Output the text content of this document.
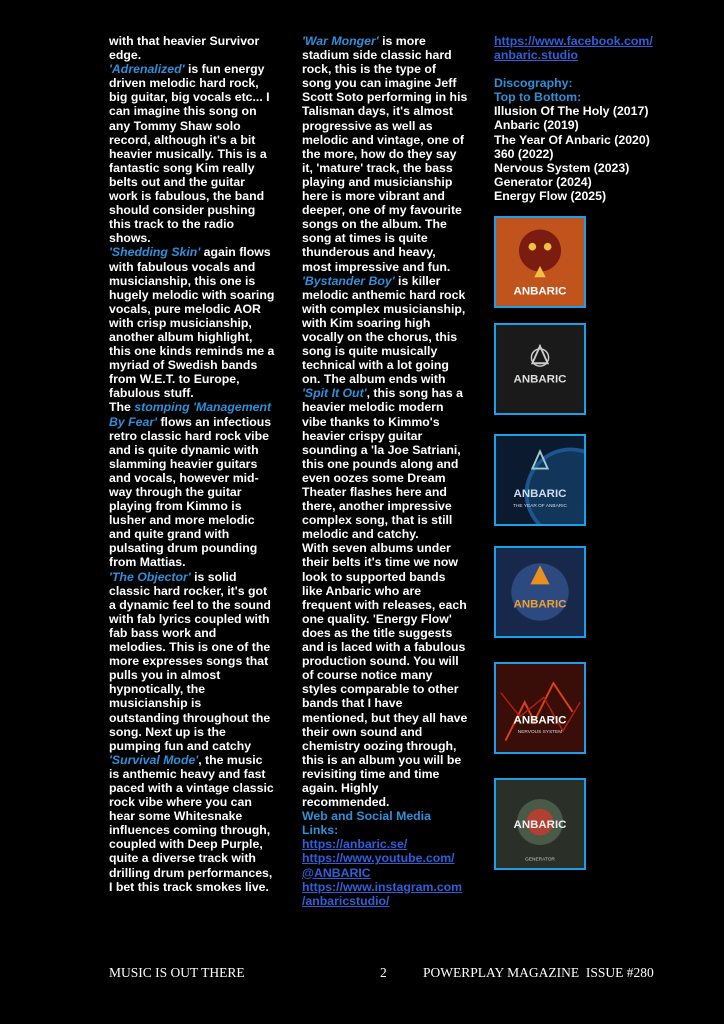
with that heavier Survivor edge.

'Adrenalized' is fun energy driven melodic hard rock, big guitar, big vocals etc... I can imagine this song on any Tommy Shaw solo record, although it's a bit heavier musically. This is a fantastic song Kim really belts out and the guitar work is fabulous, the band should consider pushing this track to the radio shows.

'Shedding Skin' again flows with fabulous vocals and musicianship, this one is hugely melodic with soaring vocals, pure melodic AOR with crisp musicianship, another album highlight, this one kinds reminds me a myriad of Swedish bands from W.E.T. to Europe, fabulous stuff.

The stomping 'Management By Fear' flows an infectious retro classic hard rock vibe and is quite dynamic with slamming heavier guitars and vocals, however mid-way through the guitar playing from Kimmo is lusher and more melodic and quite grand with pulsating drum pounding from Mattias.

'The Objector' is solid classic hard rocker, it's got a dynamic feel to the sound with fab lyrics coupled with fab bass work and melodies. This is one of the more expresses songs that pulls you in almost hypnotically, the musicianship is outstanding throughout the song. Next up is the pumping fun and catchy

'Survival Mode', the music is anthemic heavy and fast paced with a vintage classic rock vibe where you can hear some Whitesnake influences coming through, coupled with Deep Purple, quite a diverse track with drilling drum performances, I bet this track smokes live.

'War Monger' is more stadium side classic hard rock, this is the type of song you can imagine Jeff Scott Soto performing in his Talisman days, it's almost progressive as well as melodic and vintage, one of the more, how do they say it, 'mature' track, the bass playing and musicianship here is more vibrant and deeper, one of my favourite songs on the album. The song at times is quite thunderous and heavy, most impressive and fun.

'Bystander Boy' is killer melodic anthemic hard rock with complex musicianship, with Kim soaring high vocally on the chorus, this song is quite musically technical with a lot going on. The album ends with 'Spit It Out', this song has a heavier melodic modern vibe thanks to Kimmo's heavier crispy guitar sounding a 'la Joe Satriani, this one pounds along and even oozes some Dream Theater flashes here and there, another impressive complex song, that is still melodic and catchy.

With seven albums under their belts it's time we now look to supported bands like Anbaric who are frequent with releases, each one quality. 'Energy Flow' does as the title suggests and is laced with a fabulous production sound. You will of course notice many styles comparable to other bands that I have mentioned, but they all have their own sound and chemistry oozing through, this is an album you will be revisiting time and time again. Highly recommended.

Web and Social Media Links:

https://anbaric.se/
https://www.youtube.com/
@ANBARIC
https://www.instagram.com
/anbaricstudio/
https://www.facebook.com/
anbaric.studio
Discography:
Top to Bottom:
Illusion Of The Holy (2017)
Anbaric (2019)
The Year Of Anbaric (2020)
360 (2022)
Nervous System (2023)
Generator (2024)
Energy Flow (2025)
ANBARIC
ANBARIC
ANBARIC
THE YEAR OF ANBARIC
ANBARIC
ANBARIC
NERVOUS SYSTEM
ANBARIC
GENERATOR
MUSIC IS OUT THERE	2	POWERPLAY MAGAZINE  ISSUE #280
